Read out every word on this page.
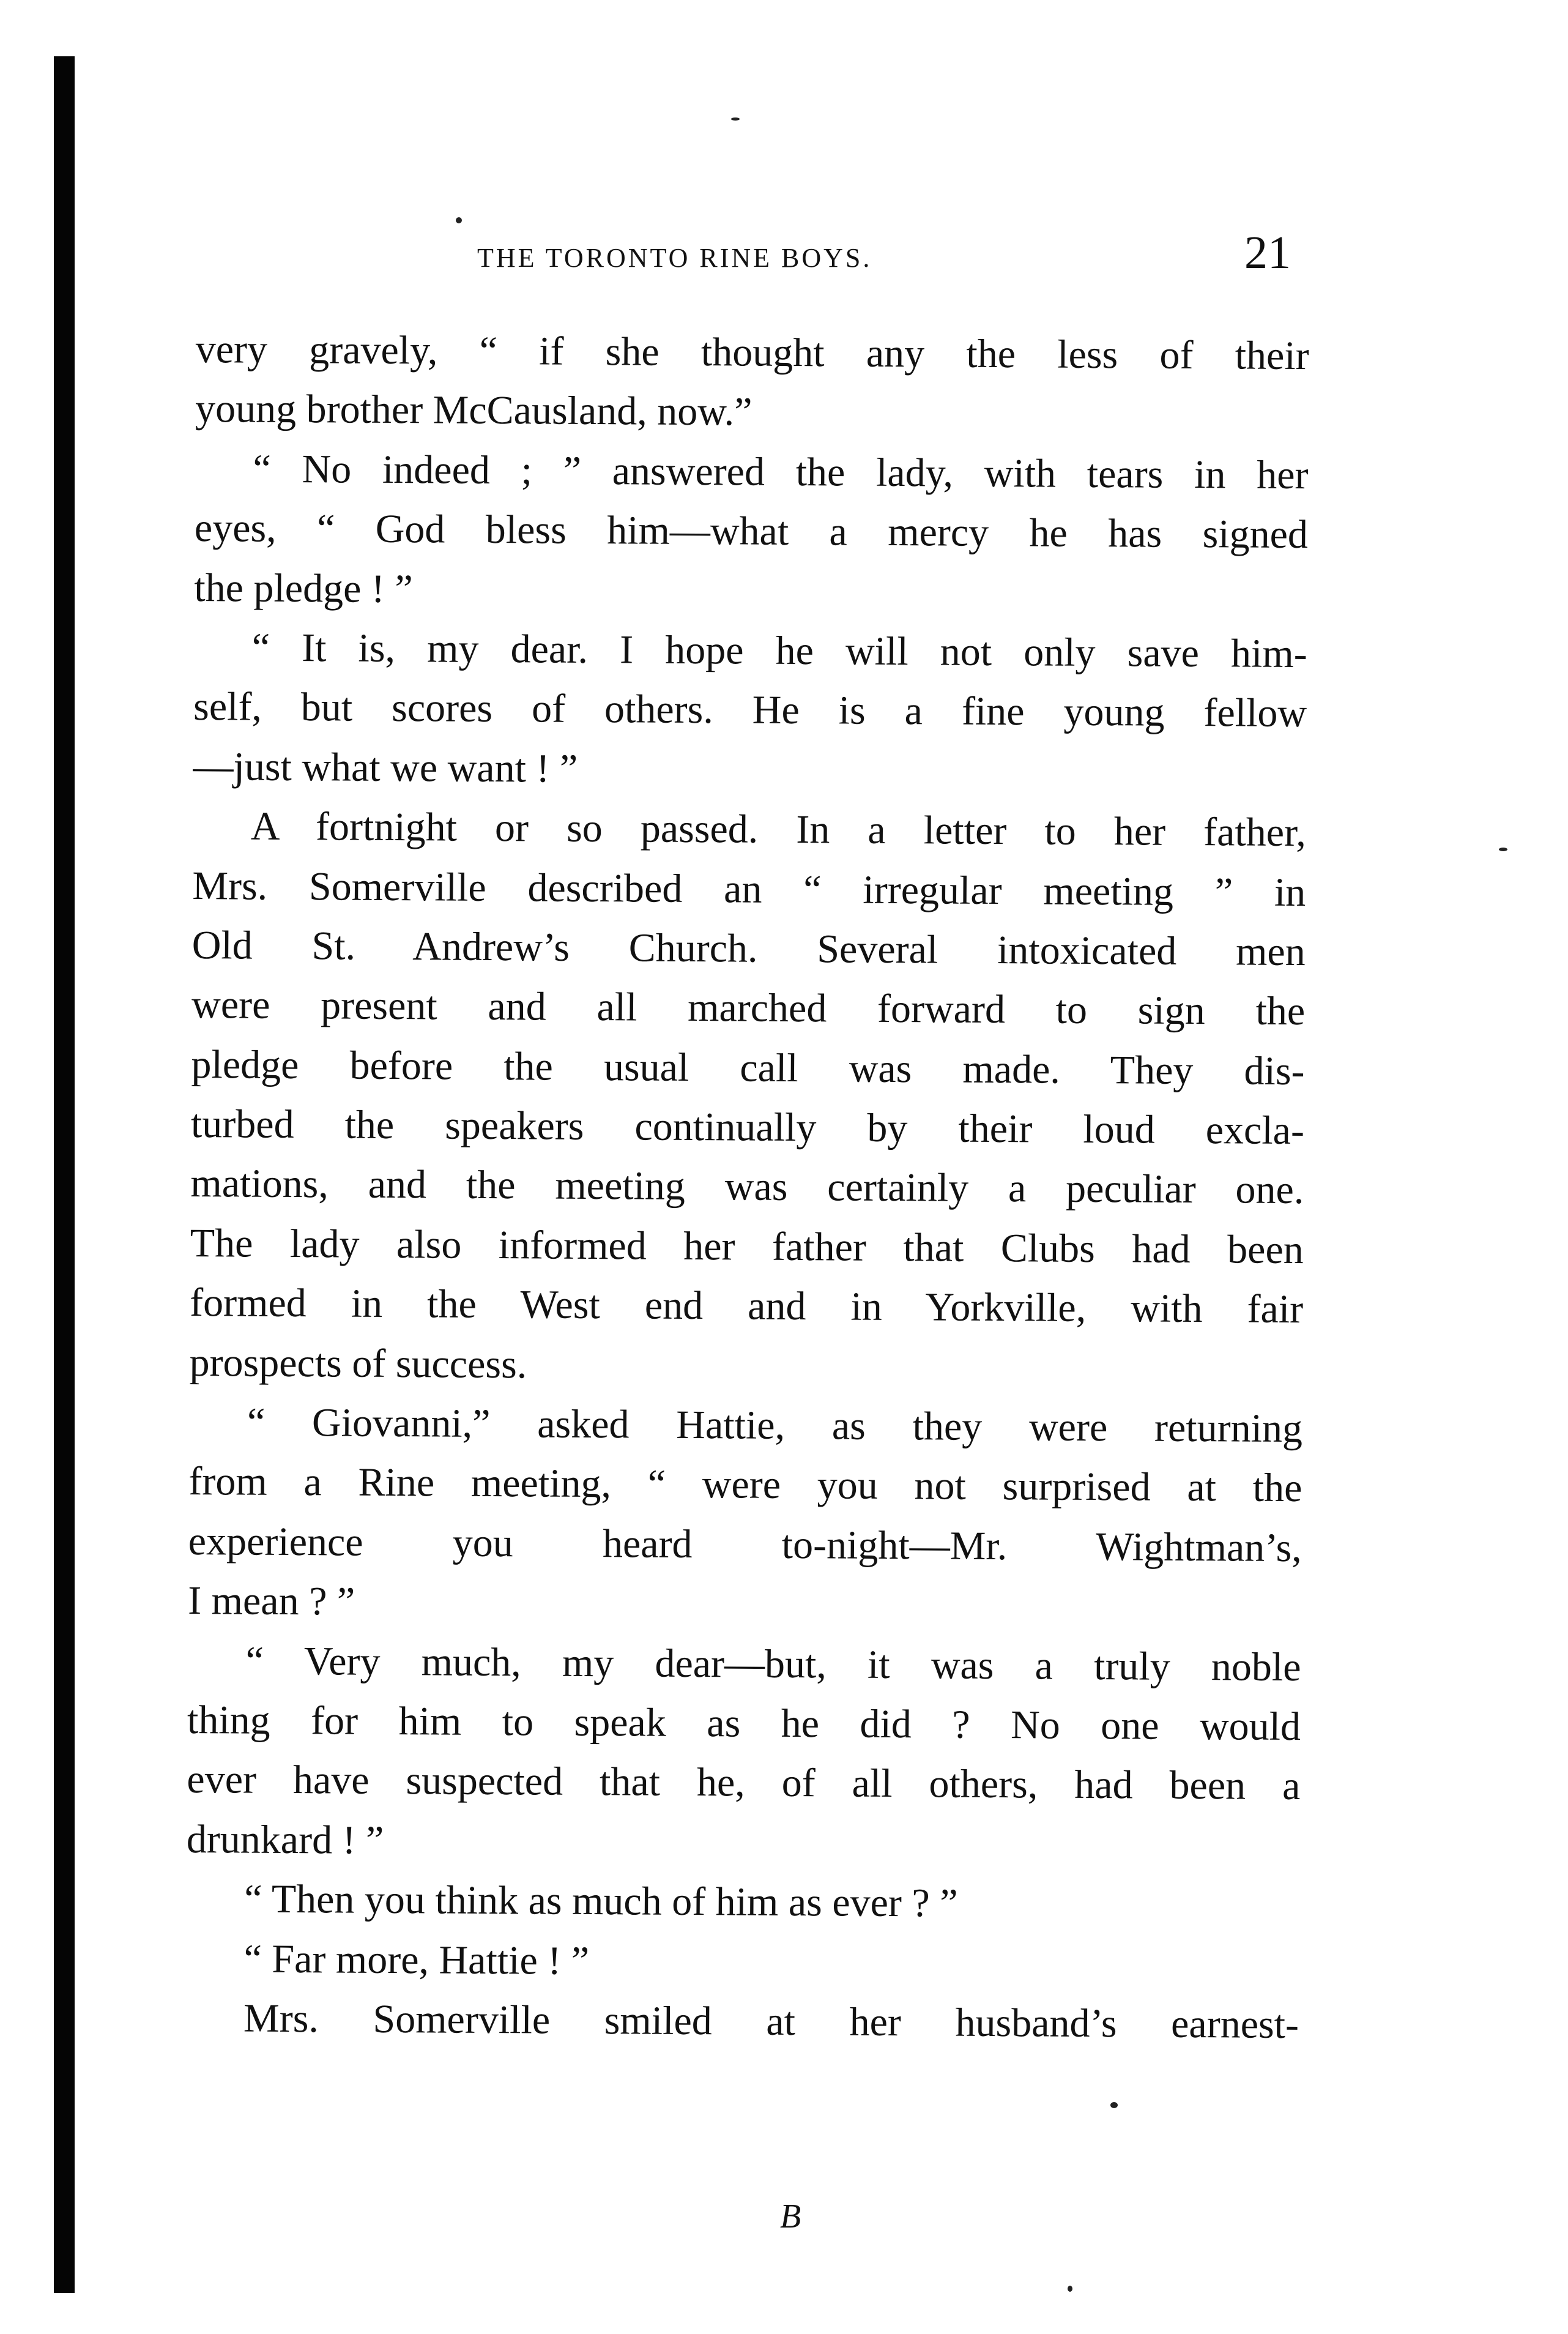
THE TORONTO RINE BOYS.	21
very gravely, “ if she thought any the less of their
young brother McCausland, now.”
“ No indeed ; ” answered the lady, with tears in her
eyes, “ God bless him—what a mercy he has signed
the pledge ! ”
“ It is, my dear. I hope he will not only save him-
self, but scores of others. He is a fine young fellow
—just what we want ! ”
A fortnight or so passed. In a letter to her father,
Mrs. Somerville described an “ irregular meeting ” in
Old St. Andrew’s Church. Several intoxicated men
were present and all marched forward to sign the
pledge before the usual call was made. They dis-
turbed the speakers continually by their loud excla-
mations, and the meeting was certainly a peculiar one.
The lady also informed her father that Clubs had been
formed in the West end and in Yorkville, with fair
prospects of success.
“ Giovanni,” asked Hattie, as they were returning
from a Rine meeting, “ were you not surprised at the
experience you heard to-night—Mr. Wightman’s,
I mean ? ”
“ Very much, my dear—but, it was a truly noble
thing for him to speak as he did ? No one would
ever have suspected that he, of all others, had been a
drunkard ! ”
“ Then you think as much of him as ever ? ”
“ Far more, Hattie ! ”
Mrs. Somerville smiled at her husband’s earnest-
B
